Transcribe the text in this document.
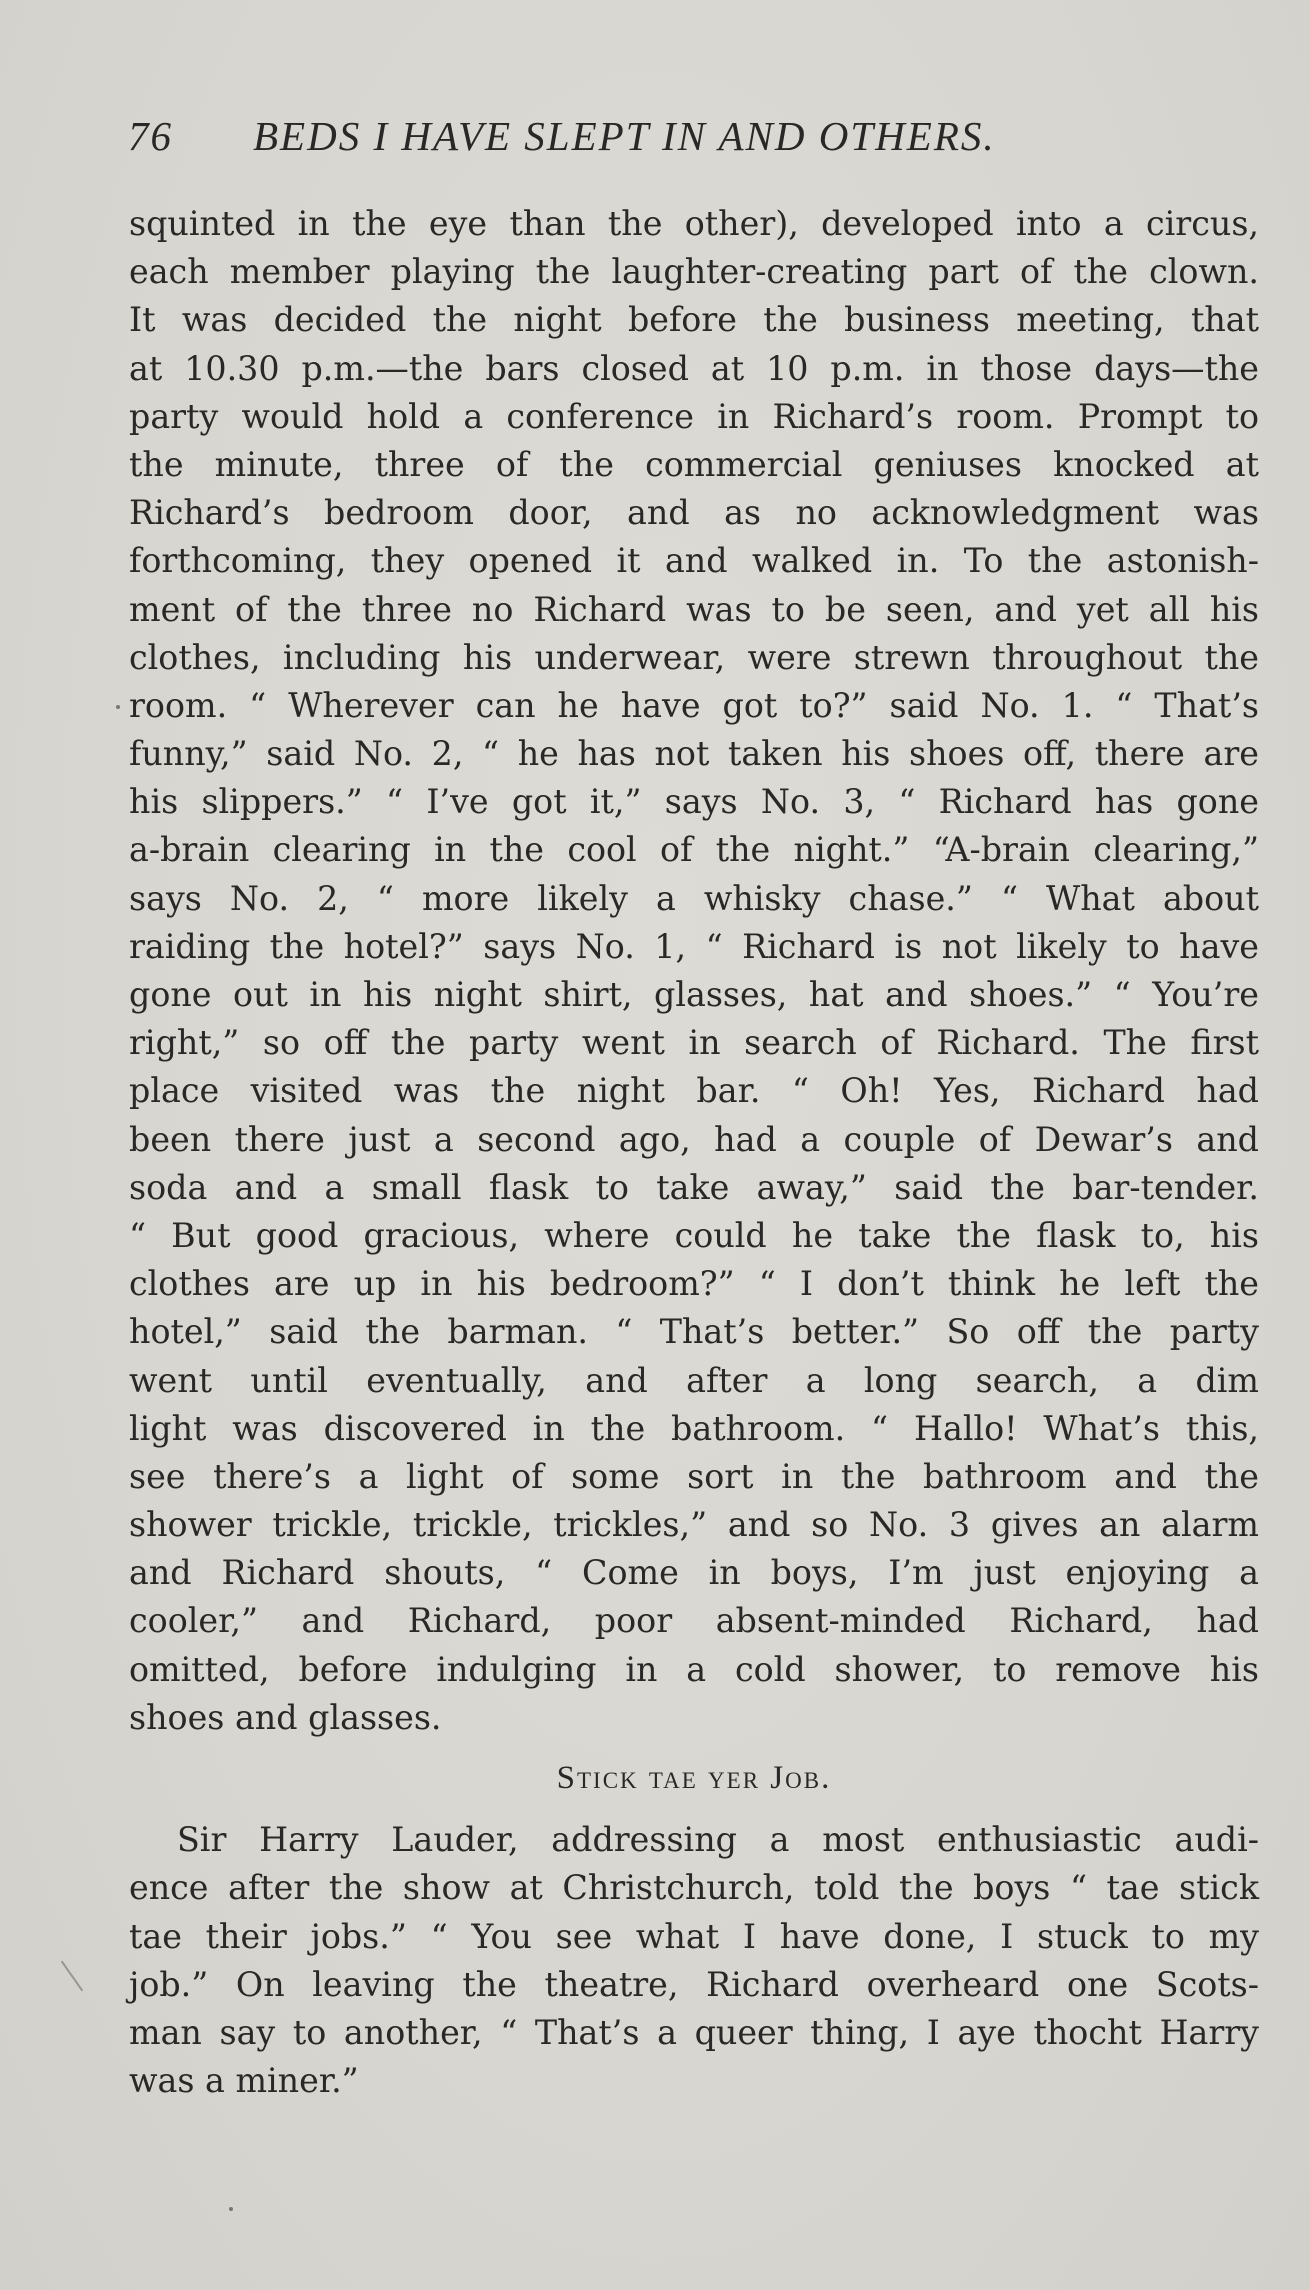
76 BEDS I HAVE SLEPT IN AND OTHERS.
squinted in the eye than the other), developed into a circus,
each member playing the laughter-creating part of the clown.
It was decided the night before the business meeting, that
at 10.30 p.m.—the bars closed at 10 p.m. in those days—the
party would hold a conference in Richard’s room. Prompt to
the minute, three of the commercial geniuses knocked at
Richard’s bedroom door, and as no acknowledgment was
forthcoming, they opened it and walked in. To the astonish-
ment of the three no Richard was to be seen, and yet all his
clothes, including his underwear, were strewn throughout the
room. “ Wherever can he have got to?” said No. 1. “ That’s
funny,” said No. 2, “ he has not taken his shoes off, there are
his slippers.” “ I’ve got it,” says No. 3, “ Richard has gone
a-brain clearing in the cool of the night.” “A-brain clearing,”
says No. 2, “ more likely a whisky chase.” “ What about
raiding the hotel?” says No. 1, “ Richard is not likely to have
gone out in his night shirt, glasses, hat and shoes.” “ You’re
right,” so off the party went in search of Richard. The first
place visited was the night bar. “ Oh! Yes, Richard had
been there just a second ago, had a couple of Dewar’s and
soda and a small flask to take away,” said the bar-tender.
“ But good gracious, where could he take the flask to, his
clothes are up in his bedroom?” “ I don’t think he left the
hotel,” said the barman. “ That’s better.” So off the party
went until eventually, and after a long search, a dim
light was discovered in the bathroom. “ Hallo! What’s this,
see there’s a light of some sort in the bathroom and the
shower trickle, trickle, trickles,” and so No. 3 gives an alarm
and Richard shouts, “ Come in boys, I’m just enjoying a
cooler,” and Richard, poor absent-minded Richard, had
omitted, before indulging in a cold shower, to remove his
shoes and glasses.
Stick tae yer Job.
Sir Harry Lauder, addressing a most enthusiastic audi-
ence after the show at Christchurch, told the boys “ tae stick
tae their jobs.” “ You see what I have done, I stuck to my
job.” On leaving the theatre, Richard overheard one Scots-
man say to another, “ That’s a queer thing, I aye thocht Harry
was a miner.”
